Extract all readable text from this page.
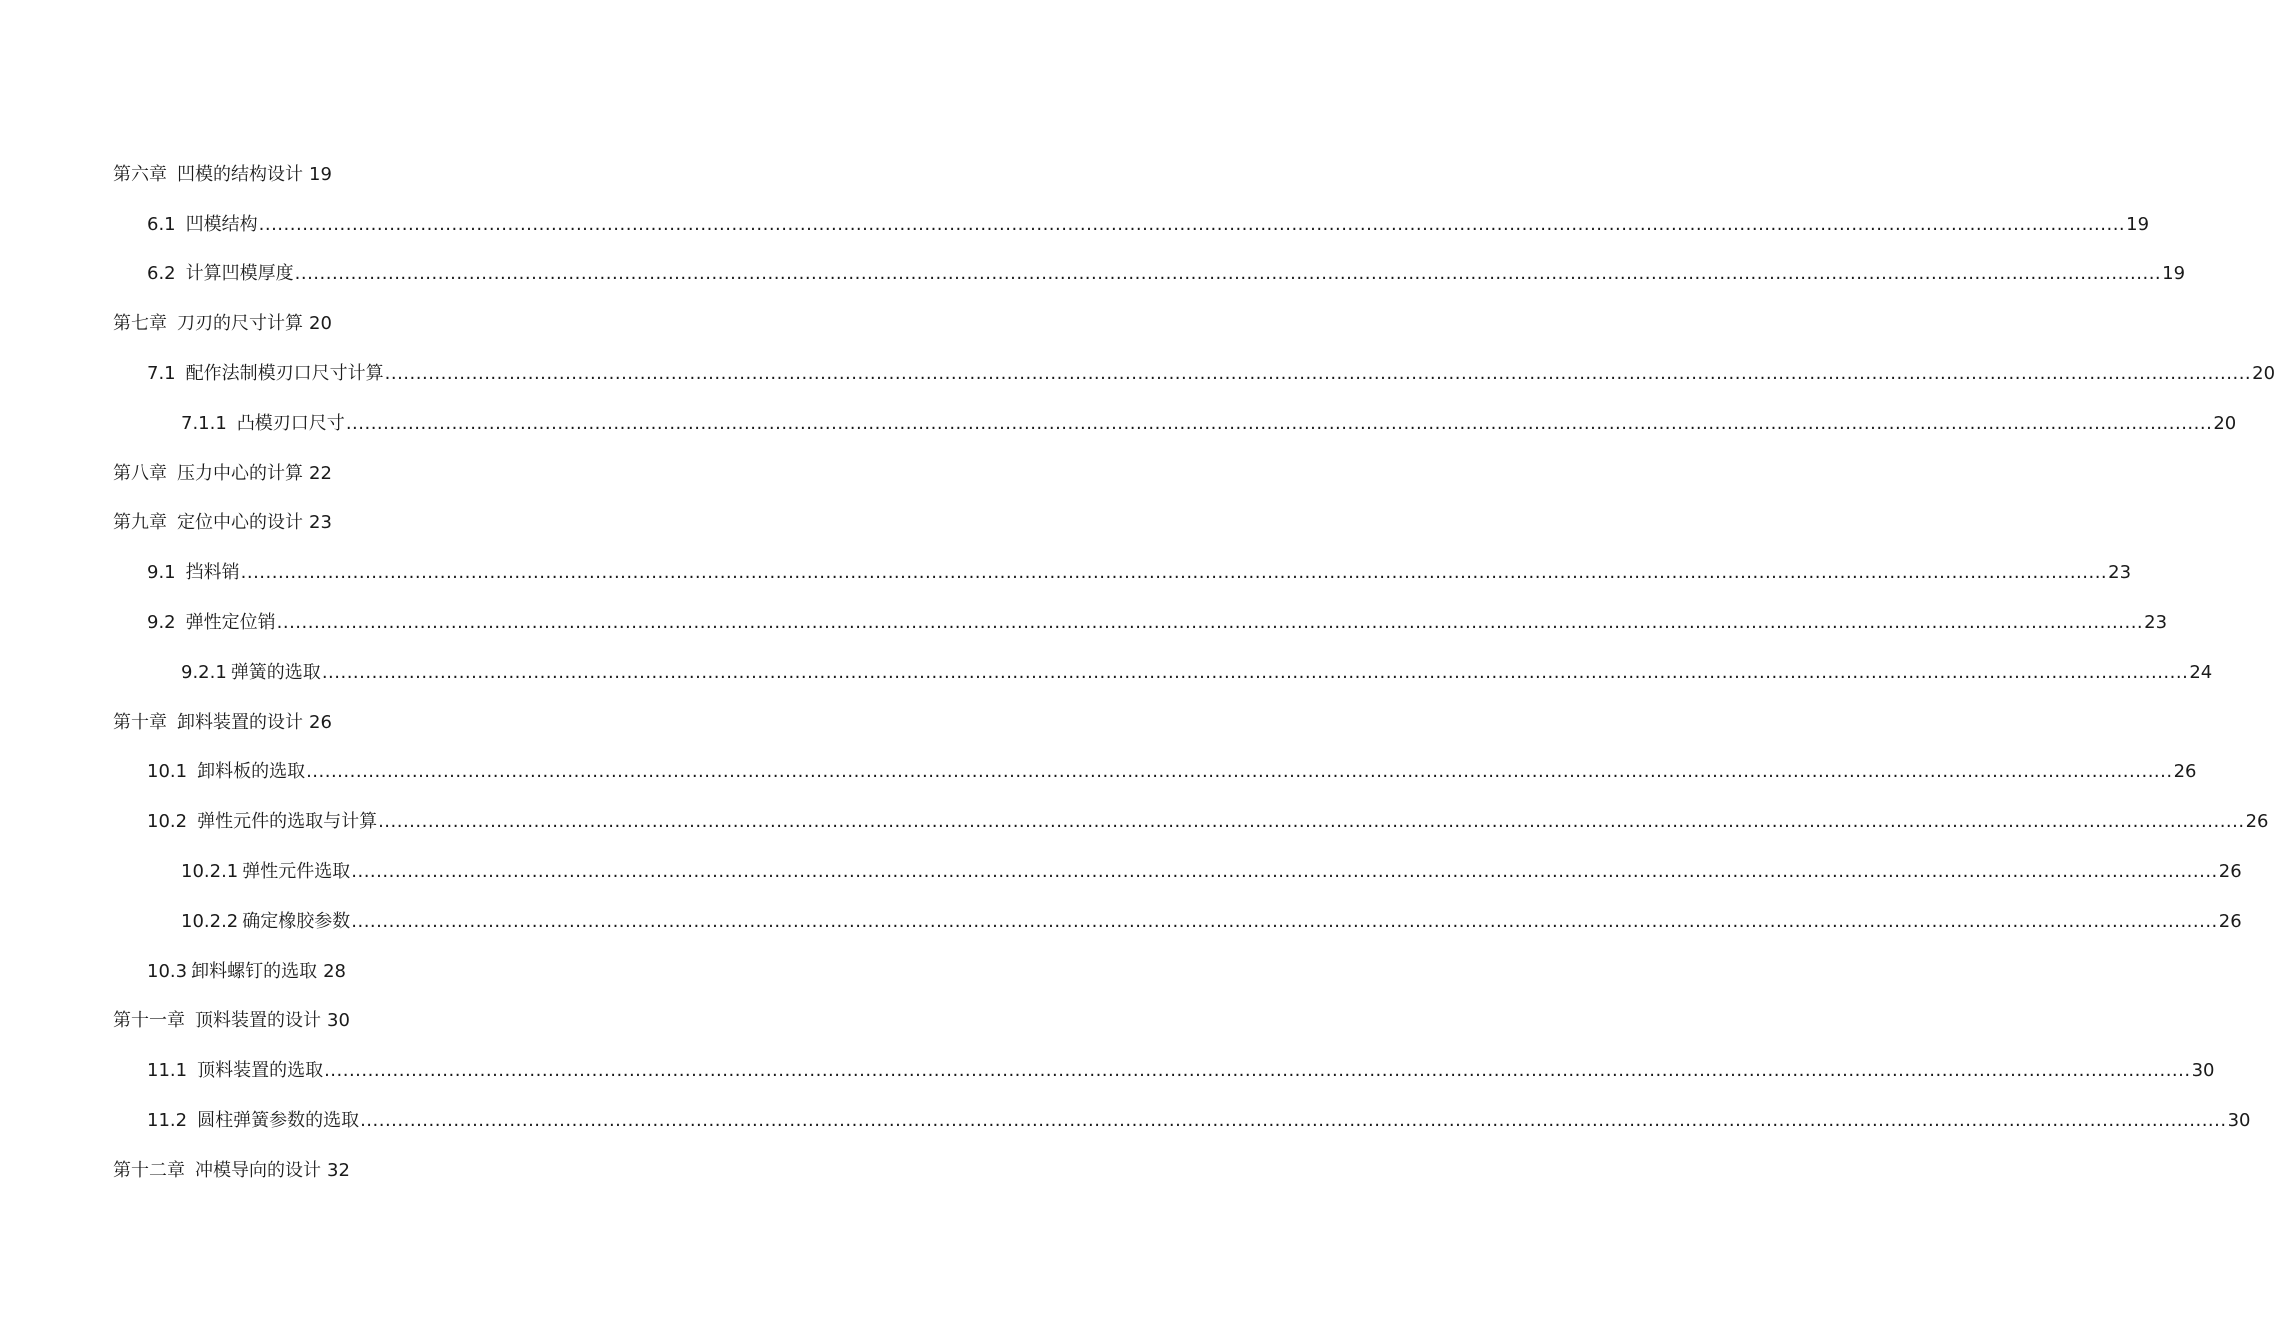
第六章 凹模的结构设计 19
6.1 凹模结构 ............................................................................................................................................................................................................................................................................................................ 19
6.2 计算凹模厚度 ............................................................................................................................................................................................................................................................................................................ 19
第七章 刀刃的尺寸计算 20
7.1 配作法制模刃口尺寸计算 ............................................................................................................................................................................................................................................................................................................ 20
7.1.1 凸模刃口尺寸 ............................................................................................................................................................................................................................................................................................................ 20
第八章 压力中心的计算 22
第九章 定位中心的设计 23
9.1 挡料销 ............................................................................................................................................................................................................................................................................................................ 23
9.2 弹性定位销 ............................................................................................................................................................................................................................................................................................................ 23
9.2.1 弹簧的选取 ............................................................................................................................................................................................................................................................................................................ 24
第十章 卸料装置的设计 26
10.1 卸料板的选取 ............................................................................................................................................................................................................................................................................................................ 26
10.2 弹性元件的选取与计算 ............................................................................................................................................................................................................................................................................................................ 26
10.2.1 弹性元件选取 ............................................................................................................................................................................................................................................................................................................ 26
10.2.2 确定橡胶参数 ............................................................................................................................................................................................................................................................................................................ 26
10.3 卸料螺钉的选取 28
第十一章 顶料装置的设计 30
11.1 顶料装置的选取 ............................................................................................................................................................................................................................................................................................................ 30
11.2 圆柱弹簧参数的选取 ............................................................................................................................................................................................................................................................................................................ 30
第十二章 冲模导向的设计 32
